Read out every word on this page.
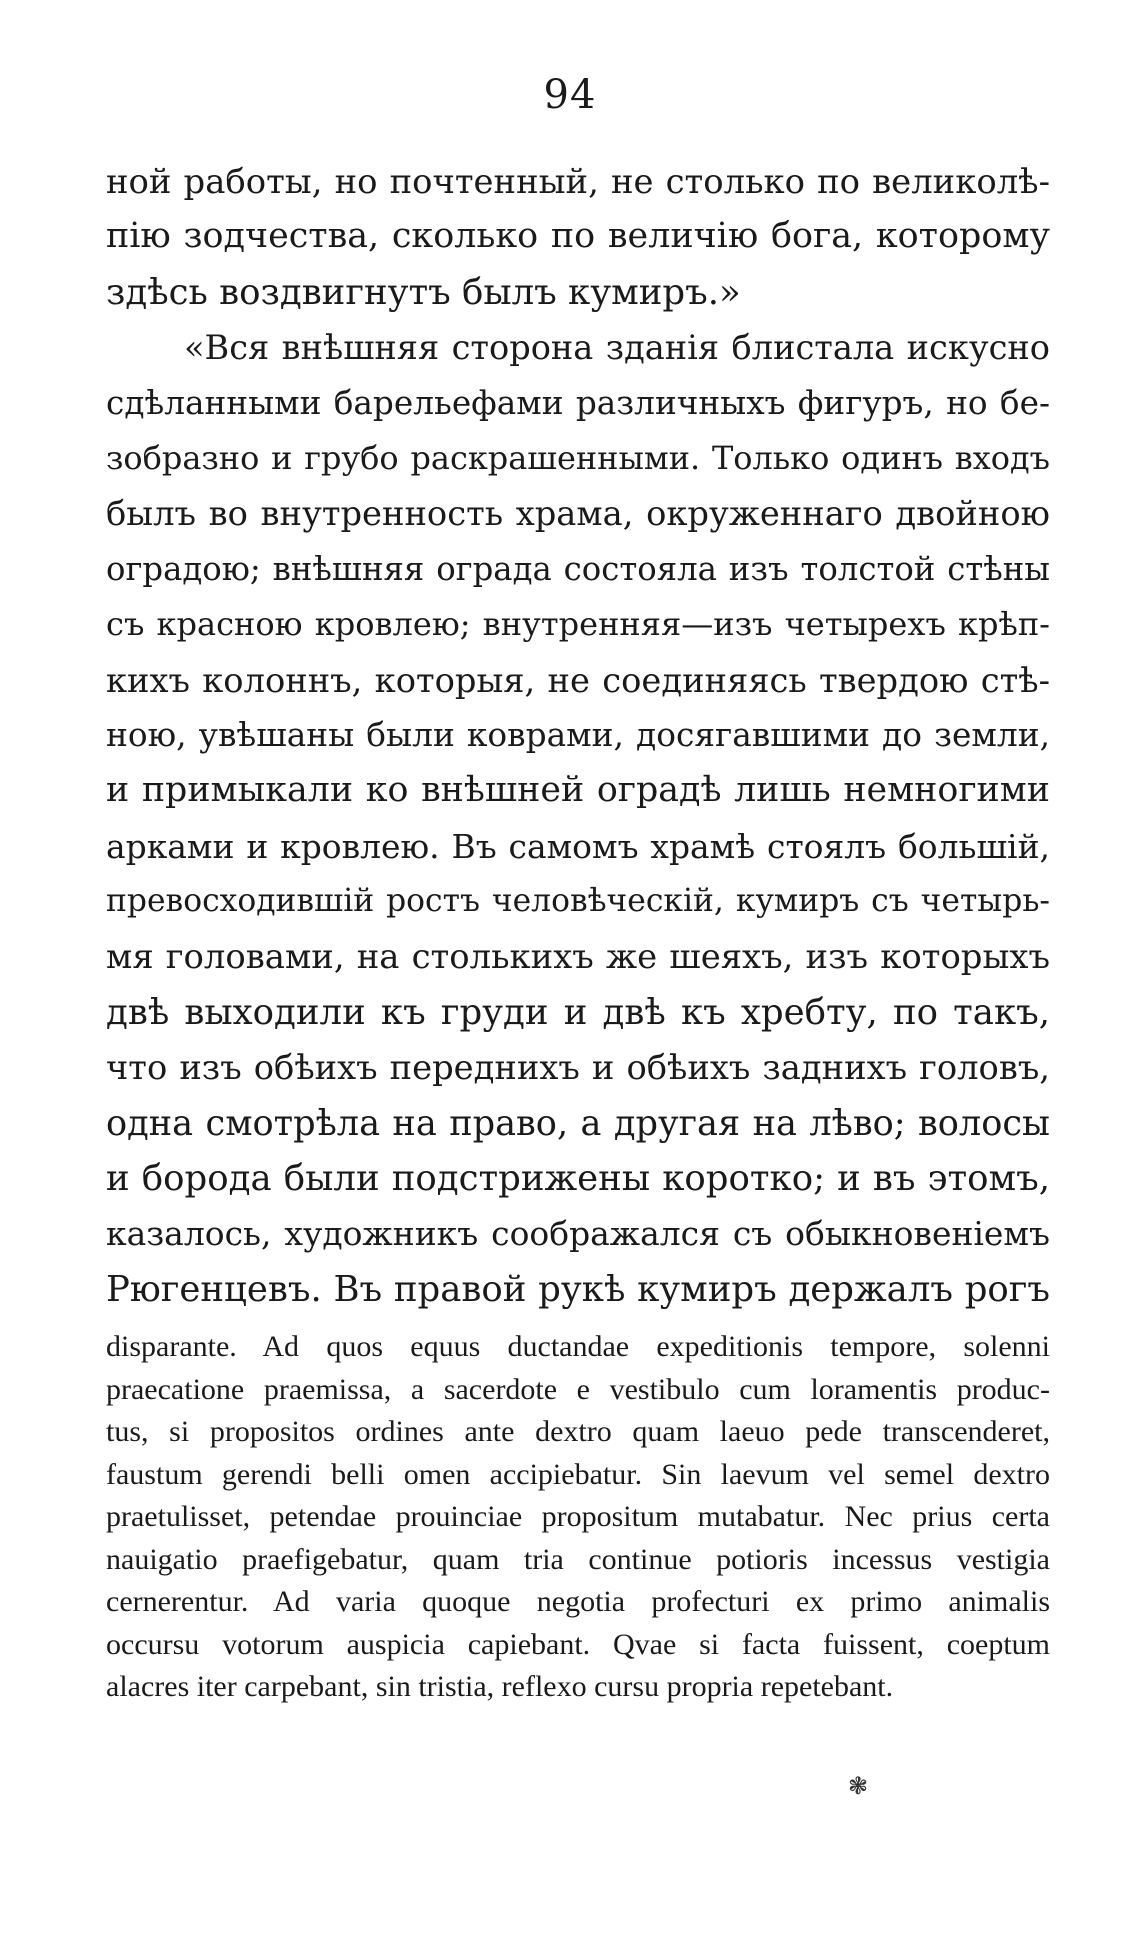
94
ной работы, но почтенный, не столько по великолѣ-
пію зодчества, сколько по величію бога, которому
здѣсь воздвигнутъ былъ кумиръ.»
«Вся внѣшняя сторона зданія блистала искусно
сдѣланными барельефами различныхъ фигуръ, но бе-
зобразно и грубо раскрашенными. Только одинъ входъ
былъ во внутренность храма, окруженнаго двойною
оградою; внѣшняя ограда состояла изъ толстой стѣны
съ красною кровлею; внутренняя—изъ четырехъ крѣп-
кихъ колоннъ, которыя, не соединяясь твердою стѣ-
ною, увѣшаны были коврами, досягавшими до земли,
и примыкали ко внѣшней оградѣ лишь немногими
арками и кровлею. Въ самомъ храмѣ стоялъ большій,
превосходившій ростъ человѣческій, кумиръ съ четырь-
мя головами, на столькихъ же шеяхъ, изъ которыхъ
двѣ выходили къ груди и двѣ къ хребту, по такъ,
что изъ обѣихъ переднихъ и обѣихъ заднихъ головъ,
одна смотрѣла на право, а другая на лѣво; волосы
и борода были подстрижены коротко; и въ этомъ,
казалось, художникъ соображался съ обыкновеніемъ
Рюгенцевъ. Въ правой рукѣ кумиръ держалъ рогъ
disparante. Ad quos equus ductandae expeditionis tempore, solenni
praecatione praemissa, a sacerdote e vestibulo cum loramentis produc-
tus, si propositos ordines ante dextro quam laeuo pede transcenderet,
faustum gerendi belli omen accipiebatur. Sin laevum vel semel dextro
praetulisset, petendae prouinciae propositum mutabatur. Nec prius certa
nauigatio praefigebatur, quam tria continue potioris incessus vestigia
cernerentur. Ad varia quoque negotia profecturi ex primo animalis
occursu votorum auspicia capiebant. Qvae si facta fuissent, coeptum
alacres iter carpebant, sin tristia, reflexo cursu propria repetebant.
❃
